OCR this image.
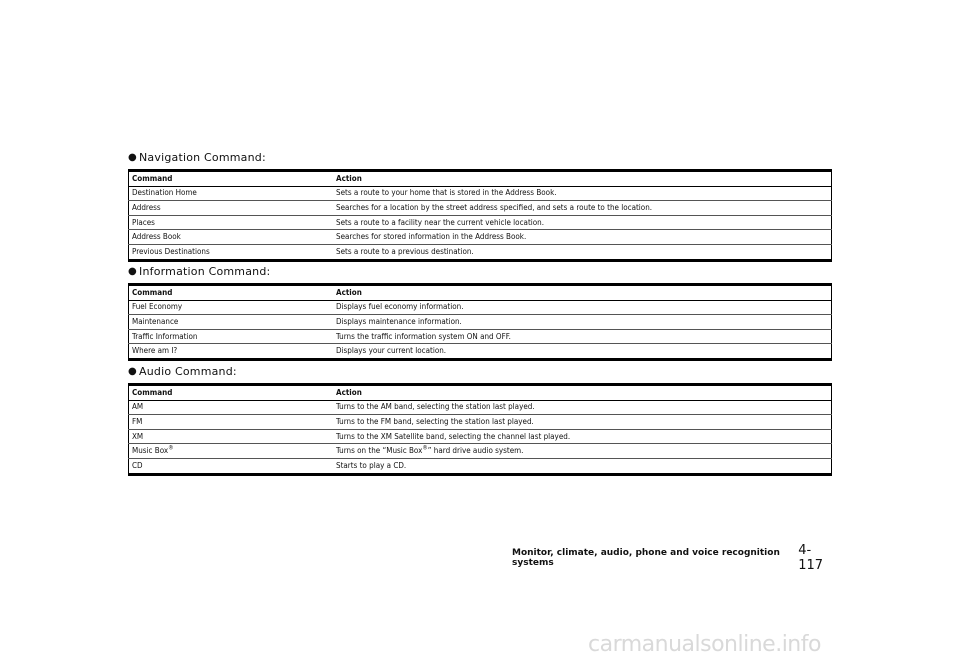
● Navigation Command:
Command	Action
Destination Home	Sets a route to your home that is stored in the Address Book.
Address	Searches for a location by the street address specified, and sets a route to the location.
Places	Sets a route to a facility near the current vehicle location.
Address Book	Searches for stored information in the Address Book.
Previous Destinations	Sets a route to a previous destination.
● Information Command:
Command	Action
Fuel Economy	Displays fuel economy information.
Maintenance	Displays maintenance information.
Traffic Information	Turns the traffic information system ON and OFF.
Where am I?	Displays your current location.
● Audio Command:
Command	Action
AM	Turns to the AM band, selecting the station last played.
FM	Turns to the FM band, selecting the station last played.
XM	Turns to the XM Satellite band, selecting the channel last played.
Music Box®	Turns on the “Music Box®” hard drive audio system.
CD	Starts to play a CD.
Monitor, climate, audio, phone and voice recognition systems
4-117
carmanualsonline.info
